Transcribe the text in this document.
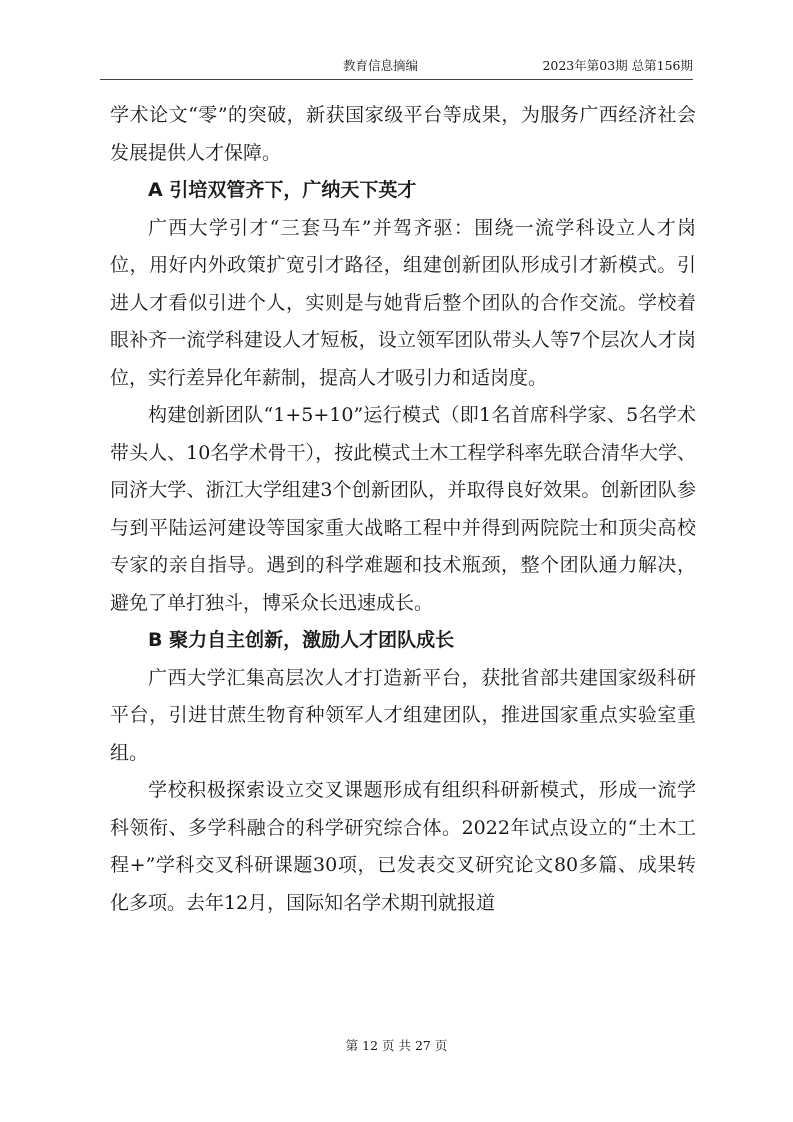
教育信息摘编	2023年第03期 总第156期

学术论文“零”的突破，新获国家级平台等成果，为服务广西经济社会发展提供人才保障。

A 引培双管齐下，广纳天下英才

广西大学引才“三套马车”并驾齐驱：围绕一流学科设立人才岗位，用好内外政策扩宽引才路径，组建创新团队形成引才新模式。引进人才看似引进个人，实则是与她背后整个团队的合作交流。学校着眼补齐一流学科建设人才短板，设立领军团队带头人等7个层次人才岗位，实行差异化年薪制，提高人才吸引力和适岗度。

构建创新团队“1+5+10”运行模式（即1名首席科学家、5名学术带头人、10名学术骨干），按此模式土木工程学科率先联合清华大学、同济大学、浙江大学组建3个创新团队，并取得良好效果。创新团队参与到平陆运河建设等国家重大战略工程中并得到两院院士和顶尖高校专家的亲自指导。遇到的科学难题和技术瓶颈，整个团队通力解决，避免了单打独斗，博采众长迅速成长。

B 聚力自主创新，激励人才团队成长

广西大学汇集高层次人才打造新平台，获批省部共建国家级科研平台，引进甘蔗生物育种领军人才组建团队，推进国家重点实验室重组。

学校积极探索设立交叉课题形成有组织科研新模式，形成一流学科领衔、多学科融合的科学研究综合体。2022年试点设立的“土木工程+”学科交叉科研课题30项，已发表交叉研究论文80多篇、成果转化多项。去年12月，国际知名学术期刊就报道

第 12 页 共 27 页
